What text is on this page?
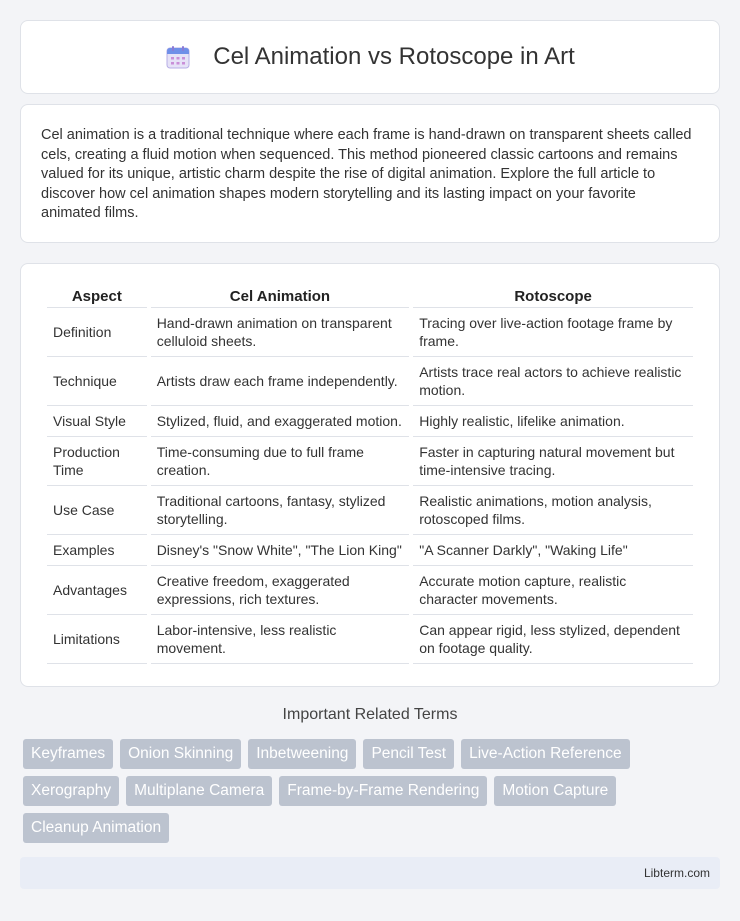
Cel Animation vs Rotoscope in Art

Cel animation is a traditional technique where each frame is hand-drawn on transparent sheets called cels, creating a fluid motion when sequenced. This method pioneered classic cartoons and remains valued for its unique, artistic charm despite the rise of digital animation. Explore the full article to discover how cel animation shapes modern storytelling and its lasting impact on your favorite animated films.

Aspect	Cel Animation	Rotoscope
Definition	Hand-drawn animation on transparent celluloid sheets.	Tracing over live-action footage frame by frame.
Technique	Artists draw each frame independently.	Artists trace real actors to achieve realistic motion.
Visual Style	Stylized, fluid, and exaggerated motion.	Highly realistic, lifelike animation.
Production Time	Time-consuming due to full frame creation.	Faster in capturing natural movement but time-intensive tracing.
Use Case	Traditional cartoons, fantasy, stylized storytelling.	Realistic animations, motion analysis, rotoscoped films.
Examples	Disney's "Snow White", "The Lion King"	"A Scanner Darkly", "Waking Life"
Advantages	Creative freedom, exaggerated expressions, rich textures.	Accurate motion capture, realistic character movements.
Limitations	Labor-intensive, less realistic movement.	Can appear rigid, less stylized, dependent on footage quality.
Important Related Terms
Keyframes	Onion Skinning	Inbetweening	Pencil Test	Live-Action Reference
Xerography	Multiplane Camera	Frame-by-Frame Rendering	Motion Capture
Cleanup Animation
Libterm.com
